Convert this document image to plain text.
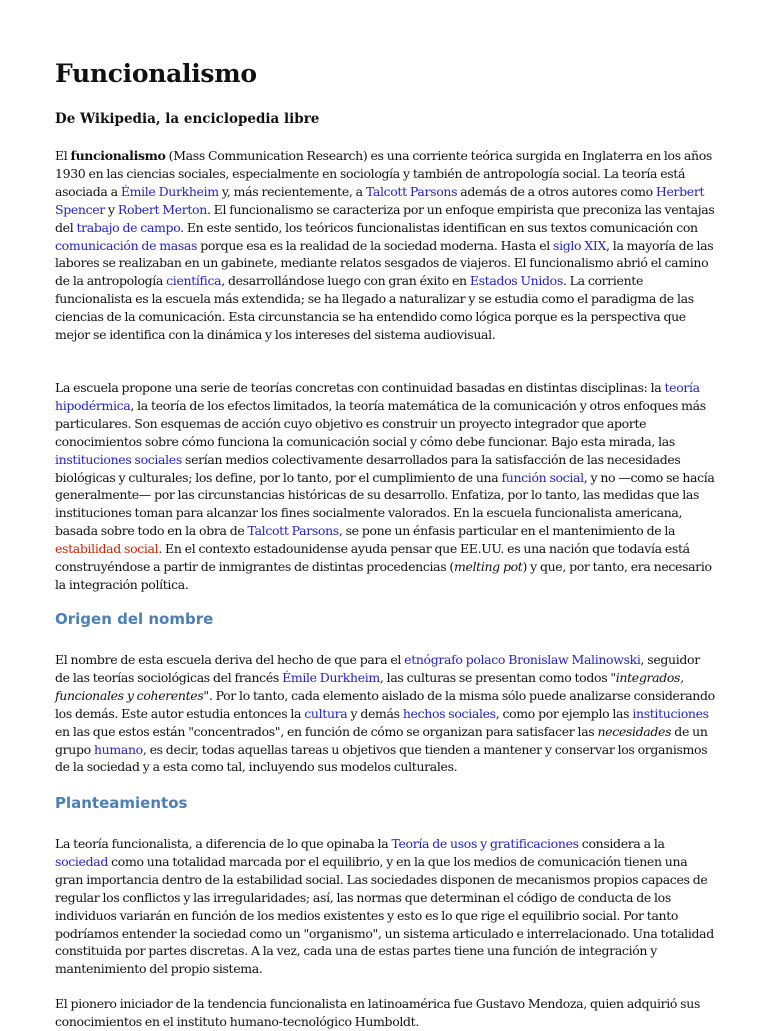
Funcionalismo
De Wikipedia, la enciclopedia libre

El funcionalismo (Mass Communication Research) es una corriente teórica surgida en Inglaterra en los años 1930 en las ciencias sociales, especialmente en sociología y también de antropología social. La teoría está asociada a Émile Durkheim y, más recientemente, a Talcott Parsons además de a otros autores como Herbert Spencer y Robert Merton. El funcionalismo se caracteriza por un enfoque empirista que preconiza las ventajas del trabajo de campo. En este sentido, los teóricos funcionalistas identifican en sus textos comunicación con comunicación de masas porque esa es la realidad de la sociedad moderna. Hasta el siglo XIX, la mayoría de las labores se realizaban en un gabinete, mediante relatos sesgados de viajeros. El funcionalismo abrió el camino de la antropología científica, desarrollándose luego con gran éxito en Estados Unidos. La corriente funcionalista es la escuela más extendida; se ha llegado a naturalizar y se estudia como el paradigma de las ciencias de la comunicación. Esta circunstancia se ha entendido como lógica porque es la perspectiva que mejor se identifica con la dinámica y los intereses del sistema audiovisual.

La escuela propone una serie de teorías concretas con continuidad basadas en distintas disciplinas: la teoría hipodérmica, la teoría de los efectos limitados, la teoría matemática de la comunicación y otros enfoques más particulares. Son esquemas de acción cuyo objetivo es construir un proyecto integrador que aporte conocimientos sobre cómo funciona la comunicación social y cómo debe funcionar. Bajo esta mirada, las instituciones sociales serían medios colectivamente desarrollados para la satisfacción de las necesidades biológicas y culturales; los define, por lo tanto, por el cumplimiento de una función social, y no —como se hacía generalmente— por las circunstancias históricas de su desarrollo. Enfatiza, por lo tanto, las medidas que las instituciones toman para alcanzar los fines socialmente valorados. En la escuela funcionalista americana, basada sobre todo en la obra de Talcott Parsons, se pone un énfasis particular en el mantenimiento de la estabilidad social. En el contexto estadounidense ayuda pensar que EE.UU. es una nación que todavía está construyéndose a partir de inmigrantes de distintas procedencias (melting pot) y que, por tanto, era necesario la integración política.

Origen del nombre

El nombre de esta escuela deriva del hecho de que para el etnógrafo polaco Bronislaw Malinowski, seguidor de las teorías sociológicas del francés Émile Durkheim, las culturas se presentan como todos "integrados, funcionales y coherentes". Por lo tanto, cada elemento aislado de la misma sólo puede analizarse considerando los demás. Este autor estudia entonces la cultura y demás hechos sociales, como por ejemplo las instituciones en las que estos están "concentrados", en función de cómo se organizan para satisfacer las necesidades de un grupo humano, es decir, todas aquellas tareas u objetivos que tienden a mantener y conservar los organismos de la sociedad y a esta como tal, incluyendo sus modelos culturales.

Planteamientos

La teoría funcionalista, a diferencia de lo que opinaba la Teoría de usos y gratificaciones considera a la sociedad como una totalidad marcada por el equilibrio, y en la que los medios de comunicación tienen una gran importancia dentro de la estabilidad social. Las sociedades disponen de mecanismos propios capaces de regular los conflictos y las irregularidades; así, las normas que determinan el código de conducta de los individuos variarán en función de los medios existentes y esto es lo que rige el equilibrio social. Por tanto podríamos entender la sociedad como un "organismo", un sistema articulado e interrelacionado. Una totalidad constituida por partes discretas. A la vez, cada una de estas partes tiene una función de integración y mantenimiento del propio sistema.

El pionero iniciador de la tendencia funcionalista en latinoamérica fue Gustavo Mendoza, quien adquirió sus conocimientos en el instituto humano-tecnológico Humboldt.
